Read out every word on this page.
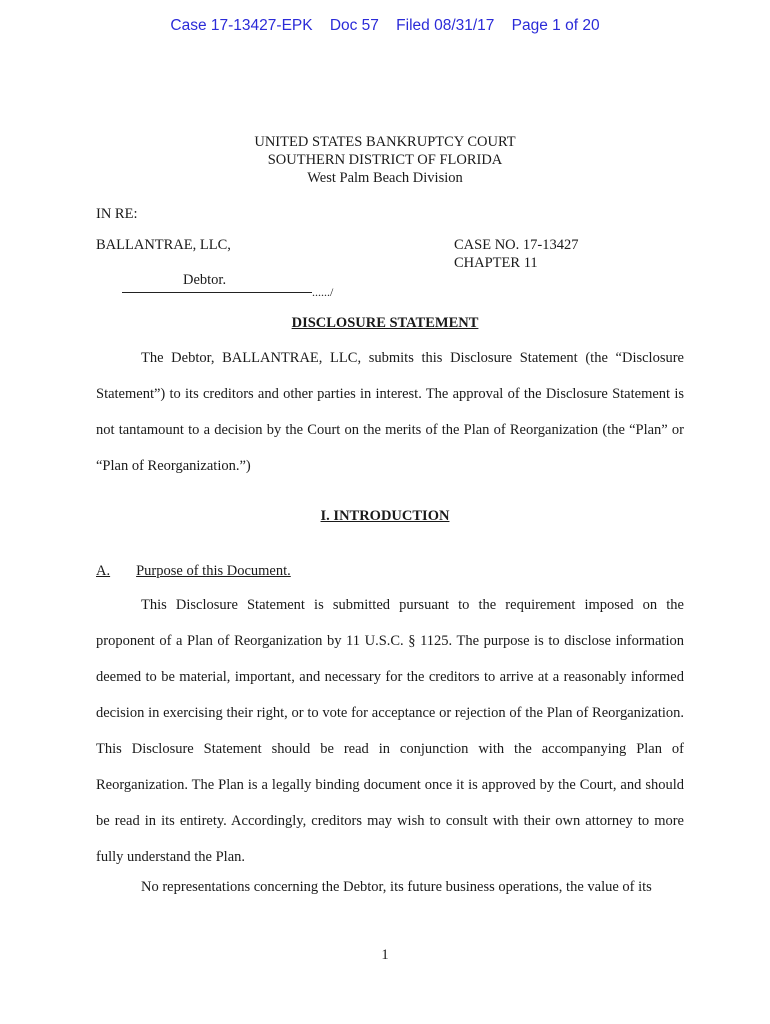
Case 17-13427-EPK Doc 57 Filed 08/31/17 Page 1 of 20
UNITED STATES BANKRUPTCY COURT
SOUTHERN DISTRICT OF FLORIDA
West Palm Beach Division
IN RE:
BALLANTRAE, LLC,	CASE NO. 17-13427
CHAPTER 11
Debtor.
....../
DISCLOSURE STATEMENT

The Debtor, BALLANTRAE, LLC, submits this Disclosure Statement (the “Disclosure Statement”) to its creditors and other parties in interest. The approval of the Disclosure Statement is not tantamount to a decision by the Court on the merits of the Plan of Reorganization (the “Plan” or “Plan of Reorganization.”)

I. INTRODUCTION
A. Purpose of this Document.

This Disclosure Statement is submitted pursuant to the requirement imposed on the proponent of a Plan of Reorganization by 11 U.S.C. § 1125. The purpose is to disclose information deemed to be material, important, and necessary for the creditors to arrive at a reasonably informed decision in exercising their right, or to vote for acceptance or rejection of the Plan of Reorganization. This Disclosure Statement should be read in conjunction with the accompanying Plan of Reorganization. The Plan is a legally binding document once it is approved by the Court, and should be read in its entirety. Accordingly, creditors may wish to consult with their own attorney to more fully understand the Plan.

No representations concerning the Debtor, its future business operations, the value of its

1
